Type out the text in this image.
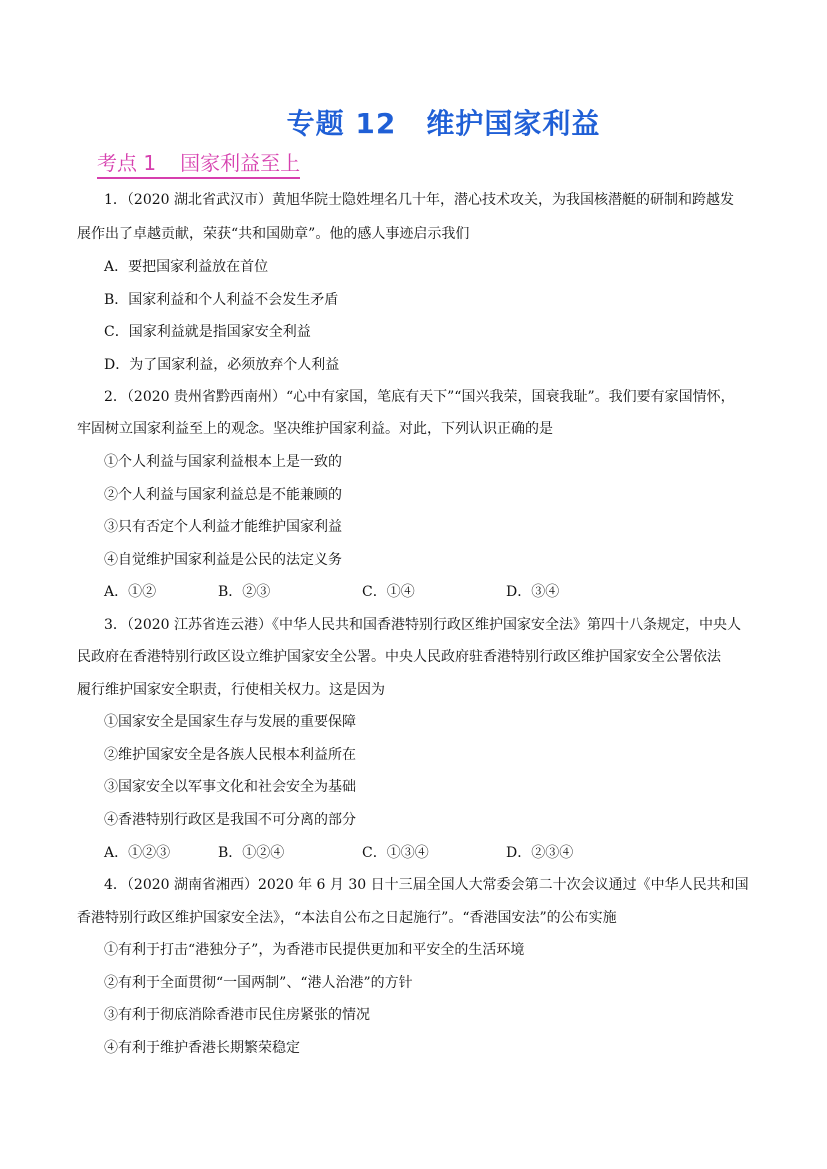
专题 12 维护国家利益
考点 1 国家利益至上
1．（2020 湖北省武汉市）黄旭华院士隐姓埋名几十年，潜心技术攻关，为我国核潜艇的研制和跨越发
展作出了卓越贡献，荣获“共和国勋章”。他的感人事迹启示我们
A．要把国家利益放在首位
B．国家利益和个人利益不会发生矛盾
C．国家利益就是指国家安全利益
D．为了国家利益，必须放弃个人利益
2．（2020 贵州省黔西南州）“心中有家国，笔底有天下”“国兴我荣，国衰我耻”。我们要有家国情怀，
牢固树立国家利益至上的观念。坚决维护国家利益。对此，下列认识正确的是
①个人利益与国家利益根本上是一致的
②个人利益与国家利益总是不能兼顾的
③只有否定个人利益才能维护国家利益
④自觉维护国家利益是公民的法定义务
A．①②	B．②③	C．①④	D．③④
3．（2020 江苏省连云港）《中华人民共和国香港特别行政区维护国家安全法》第四十八条规定，中央人
民政府在香港特别行政区设立维护国家安全公署。中央人民政府驻香港特别行政区维护国家安全公署依法
履行维护国家安全职责，行使相关权力。这是因为
①国家安全是国家生存与发展的重要保障
②维护国家安全是各族人民根本利益所在
③国家安全以军事文化和社会安全为基础
④香港特别行政区是我国不可分离的部分
A．①②③	B．①②④	C．①③④	D．②③④
4．（2020 湖南省湘西）2020 年 6 月 30 日十三届全国人大常委会第二十次会议通过《中华人民共和国
香港特别行政区维护国家安全法》，“本法自公布之日起施行”。“香港国安法”的公布实施
①有利于打击“港独分子”，为香港市民提供更加和平安全的生活环境
②有利于全面贯彻“一国两制”、“港人治港”的方针
③有利于彻底消除香港市民住房紧张的情况
④有利于维护香港长期繁荣稳定
